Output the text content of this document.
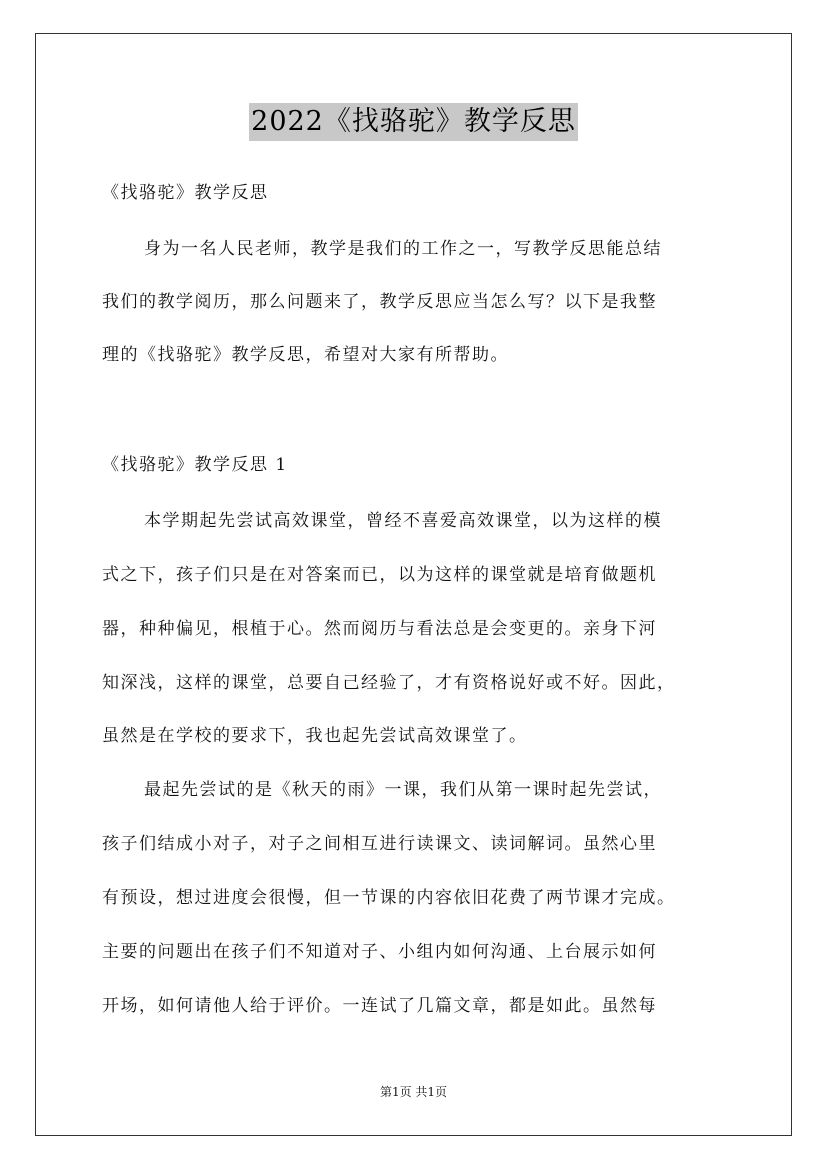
2022《找骆驼》教学反思
《找骆驼》教学反思
身为一名人民老师，教学是我们的工作之一，写教学反思能总结
我们的教学阅历，那么问题来了，教学反思应当怎么写？以下是我整
理的《找骆驼》教学反思，希望对大家有所帮助。
《找骆驼》教学反思 1
本学期起先尝试高效课堂，曾经不喜爱高效课堂，以为这样的模
式之下，孩子们只是在对答案而已，以为这样的课堂就是培育做题机
器，种种偏见，根植于心。然而阅历与看法总是会变更的。亲身下河
知深浅，这样的课堂，总要自己经验了，才有资格说好或不好。因此，
虽然是在学校的要求下，我也起先尝试高效课堂了。
最起先尝试的是《秋天的雨》一课，我们从第一课时起先尝试，
孩子们结成小对子，对子之间相互进行读课文、读词解词。虽然心里
有预设，想过进度会很慢，但一节课的内容依旧花费了两节课才完成。
主要的问题出在孩子们不知道对子、小组内如何沟通、上台展示如何
开场，如何请他人给于评价。一连试了几篇文章，都是如此。虽然每
第1页 共1页
